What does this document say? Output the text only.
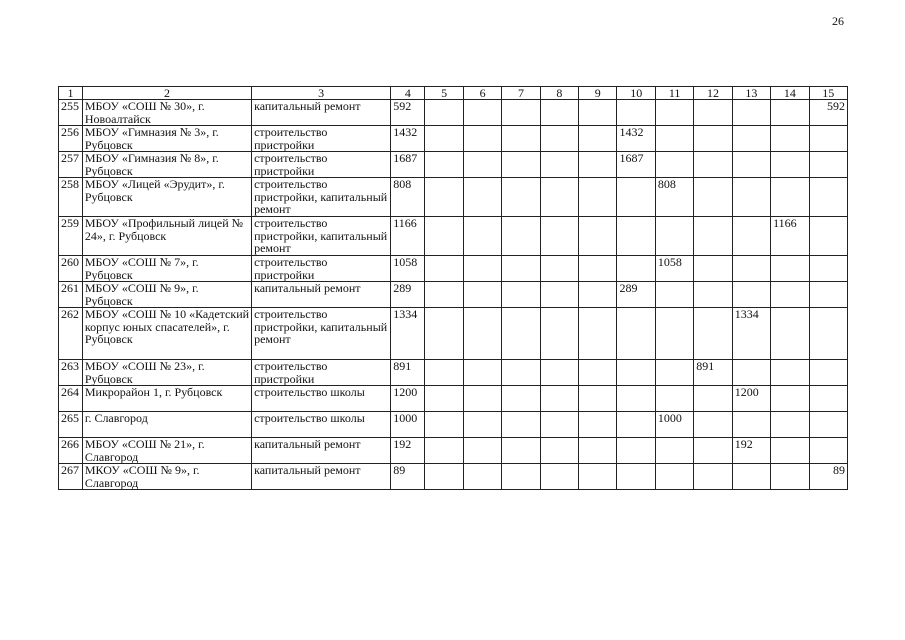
26
1	2	3	4	5	6	7	8	9	10	11	12	13	14	15
255	МБОУ «СОШ № 30», г. Новоалтайск	капитальный ремонт	592											592
256	МБОУ «Гимназия № 3», г. Рубцовск	строительство пристройки	1432						1432					
257	МБОУ «Гимназия № 8», г. Рубцовск	строительство пристройки	1687						1687					
258	МБОУ «Лицей «Эрудит», г. Рубцовск	строительство пристройки, капитальный ремонт	808							808				
259	МБОУ «Профильный лицей № 24», г. Рубцовск	строительство пристройки, капитальный ремонт	1166										1166	
260	МБОУ «СОШ № 7», г. Рубцовск	строительство пристройки	1058							1058				
261	МБОУ «СОШ № 9», г. Рубцовск	капитальный ремонт	289						289					
262	МБОУ «СОШ № 10 «Кадетский корпус юных спасателей», г. Рубцовск	строительство пристройки, капитальный ремонт	1334									1334		
263	МБОУ «СОШ № 23», г. Рубцовск	строительство пристройки	891								891			
264	Микрорайон 1, г. Рубцовск	строительство школы	1200									1200		
265	г. Славгород	строительство школы	1000							1000				
266	МБОУ «СОШ № 21», г. Славгород	капитальный ремонт	192									192		
267	МКОУ «СОШ № 9», г. Славгород	капитальный ремонт	89											89
